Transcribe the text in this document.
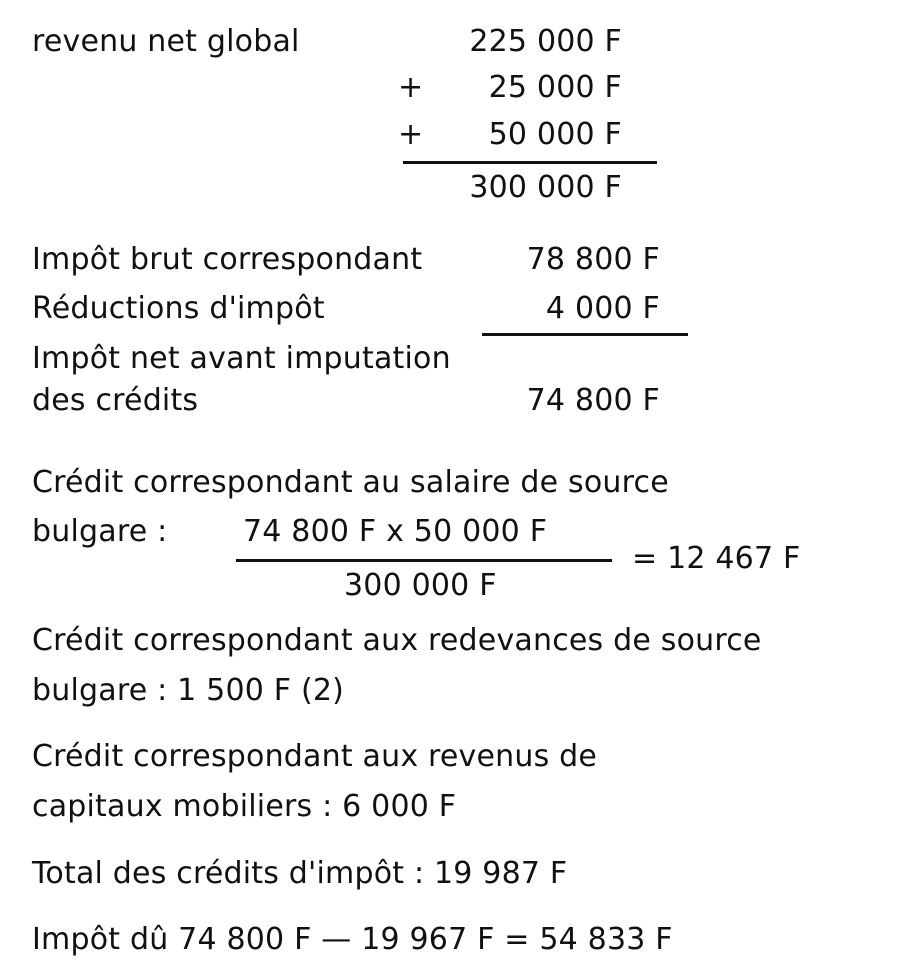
revenu net global	225 000 F
+	25 000 F
+	50 000 F
300 000 F
Impôt brut correspondant	78 800 F
Réductions d'impôt	4 000 F
Impôt net avant imputation
des crédits	74 800 F
Crédit correspondant au salaire de source
bulgare :	74 800 F x 50 000 F
300 000 F
= 12 467 F
Crédit correspondant aux redevances de source
bulgare : 1 500 F (2)
Crédit correspondant aux revenus de
capitaux mobiliers : 6 000 F
Total des crédits d'impôt : 19 987 F
Impôt dû 74 800 F — 19 967 F = 54 833 F
